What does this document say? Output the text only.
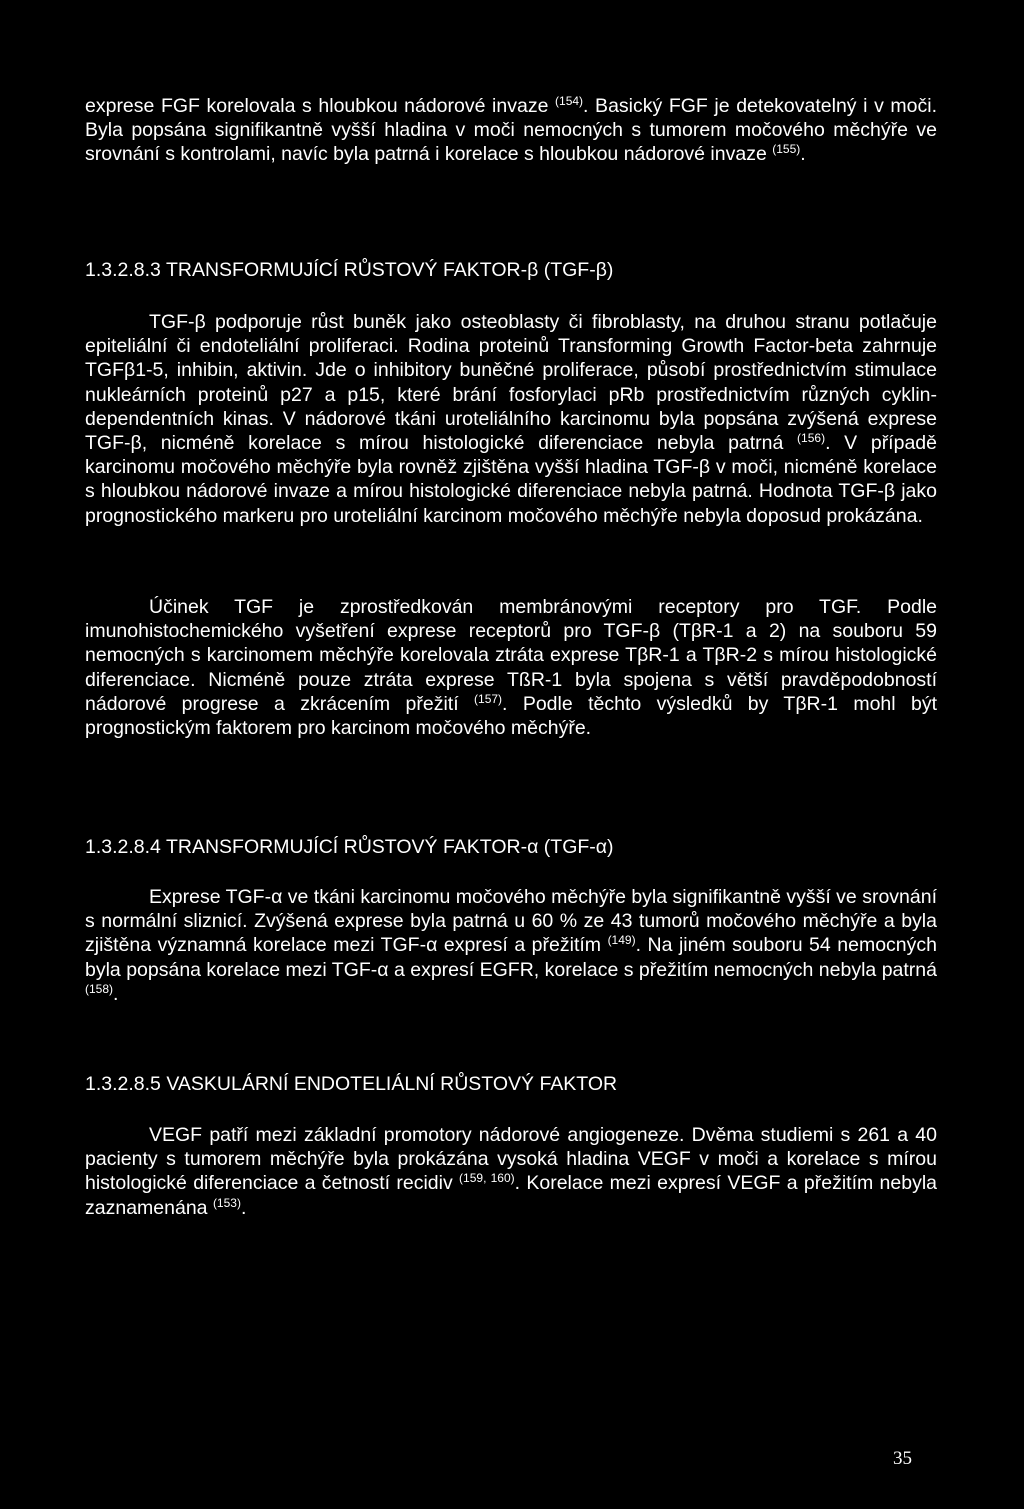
exprese FGF korelovala s hloubkou nádorové invaze $^{(154)}$. Basický FGF je detekovatelný i v moči. Byla popsána signifikantně vyšší hladina v moči nemocných s tumorem močového měchýře ve srovnání s kontrolami, navíc byla patrná i korelace s hloubkou nádorové invaze $^{(155)}$.

1.3.2.8.3 TRANSFORMUJÍCÍ RŮSTOVÝ FAKTOR-β (TGF-β)

TGF-β podporuje růst buněk jako osteoblasty či fibroblasty, na druhou stranu potlačuje epiteliální či endoteliální proliferaci. Rodina proteinů Transforming Growth Factor-beta zahrnuje TGFβ1-5, inhibin, aktivin. Jde o inhibitory buněčné proliferace, působí prostřednictvím stimulace nukleárních proteinů p27 a p15, které brání fosforylaci pRb prostřednictvím různých cyklin-dependentních kinas. V nádorové tkáni uroteliálního karcinomu byla popsána zvýšená exprese TGF-β, nicméně korelace s mírou histologické diferenciace nebyla patrná $^{(156)}$. V případě karcinomu močového měchýře byla rovněž zjištěna vyšší hladina TGF-β v moči, nicméně korelace s hloubkou nádorové invaze a mírou histologické diferenciace nebyla patrná. Hodnota TGF-β jako prognostického markeru pro uroteliální karcinom močového měchýře nebyla doposud prokázána.

Účinek TGF je zprostředkován membránovými receptory pro TGF. Podle imunohistochemického vyšetření exprese receptorů pro TGF-β (TβR-1 a 2) na souboru 59 nemocných s karcinomem měchýře korelovala ztráta exprese TβR-1 a TβR-2 s mírou histologické diferenciace. Nicméně pouze ztráta exprese TßR-1 byla spojena s větší pravděpodobností nádorové progrese a zkrácením přežití $^{(157)}$. Podle těchto výsledků by TβR-1 mohl být prognostickým faktorem pro karcinom močového měchýře.

1.3.2.8.4 TRANSFORMUJÍCÍ RŮSTOVÝ FAKTOR-α (TGF-α)

Exprese TGF-α ve tkáni karcinomu močového měchýře byla signifikantně vyšší ve srovnání s normální sliznicí. Zvýšená exprese byla patrná u 60 % ze 43 tumorů močového měchýře a byla zjištěna významná korelace mezi TGF-α expresí a přežitím $^{(149)}$. Na jiném souboru 54 nemocných byla popsána korelace mezi TGF-α a expresí EGFR, korelace s přežitím nemocných nebyla patrná $^{(158)}$.

1.3.2.8.5 VASKULÁRNÍ ENDOTELIÁLNÍ RŮSTOVÝ FAKTOR

VEGF patří mezi základní promotory nádorové angiogeneze. Dvěma studiemi s 261 a 40 pacienty s tumorem měchýře byla prokázána vysoká hladina VEGF v moči a korelace s mírou histologické diferenciace a četností recidiv $^{(159, 160)}$. Korelace mezi expresí VEGF a přežitím nebyla zaznamenána $^{(153)}$.

35
